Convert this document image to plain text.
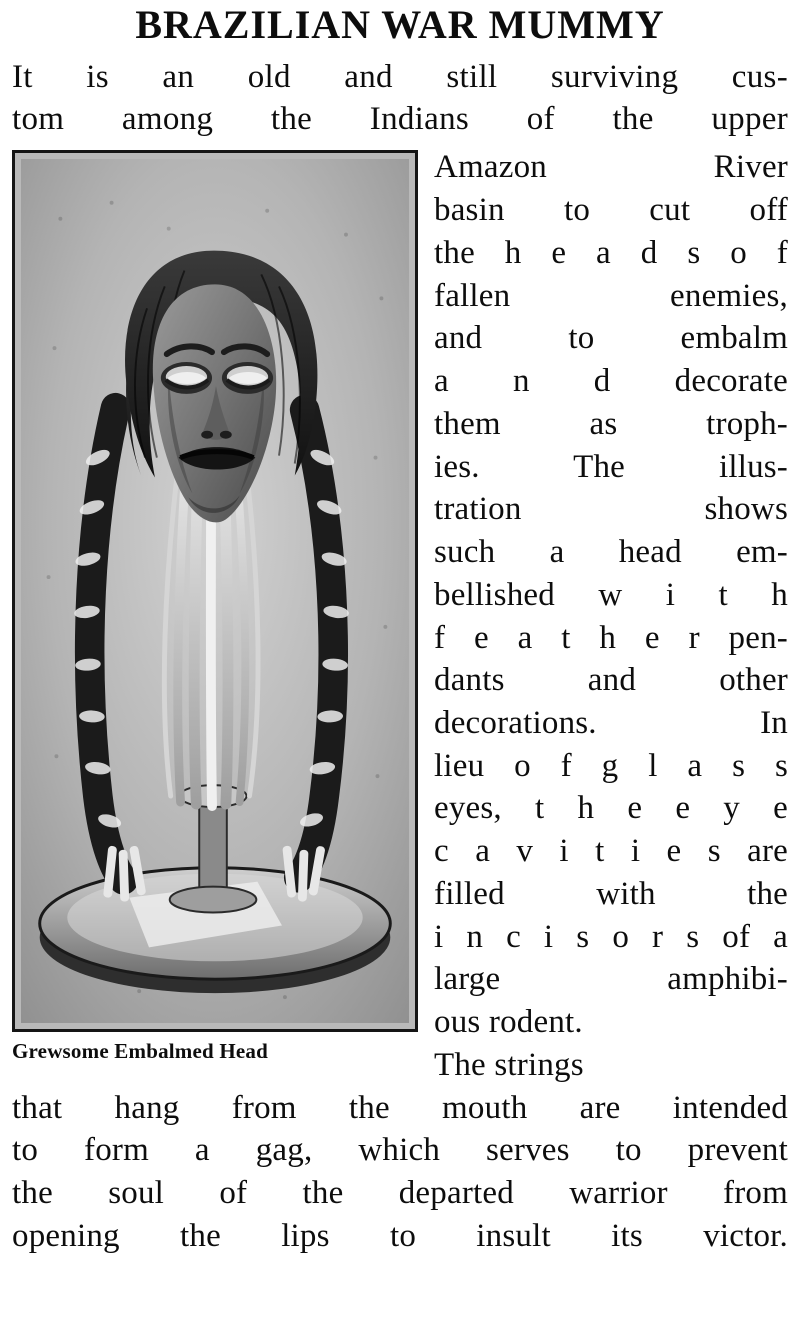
BRAZILIAN WAR MUMMY
It is an old and still surviving cus-
tom among the Indians of the upper
Grewsome Embalmed Head
Amazon River
basin to cut off
the h e a d s o f
fallen enemies,
and to embalm
a n d decorate
them as troph-
ies. The illus-
tration shows
such a head em-
bellished w i t h
f e a t h e r pen-
dants and other
decorations. In
lieu o f g l a s s
eyes, t h e e y e
c a v i t i e s are
filled with the
i n c i s o r s of a
large amphibi-
ous rodent.
The strings
that hang from the mouth are intended
to form a gag, which serves to prevent
the soul of the departed warrior from
opening the lips to insult its victor.
